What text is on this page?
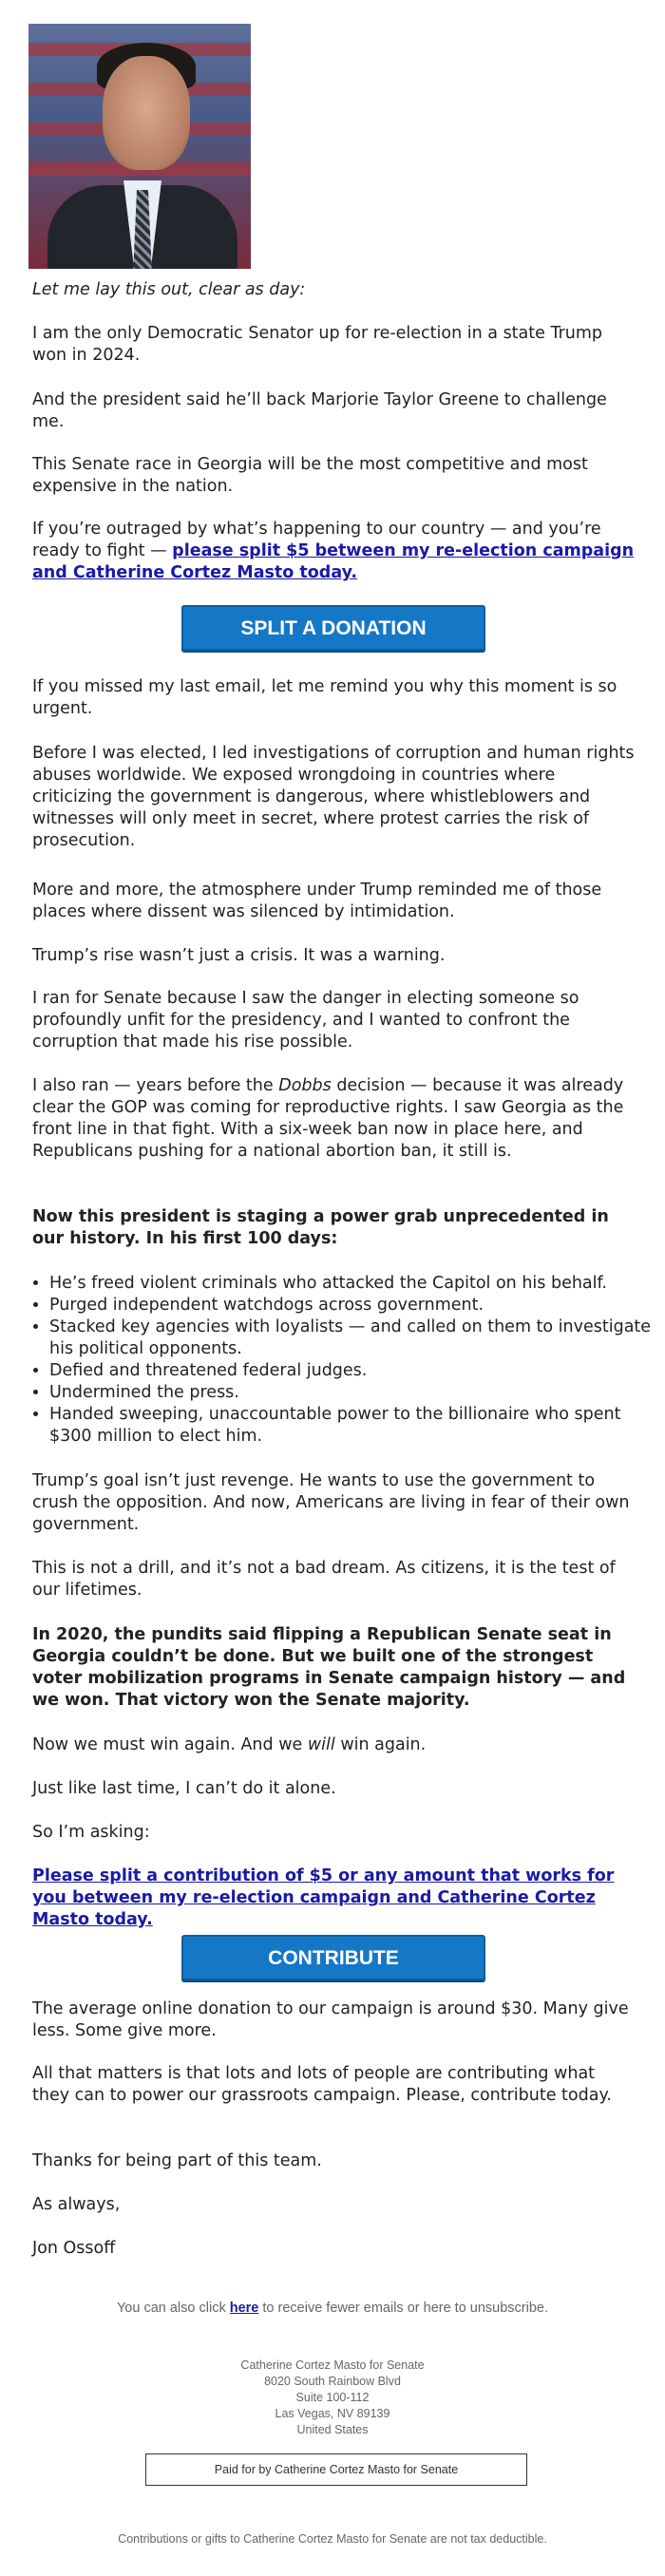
Let me lay this out, clear as day:

I am the only Democratic Senator up for re-election in a state Trump won in 2024.

And the president said he’ll back Marjorie Taylor Greene to challenge me.

This Senate race in Georgia will be the most competitive and most expensive in the nation.

If you’re outraged by what’s happening to our country — and you’re ready to fight — please split $5 between my re-election campaign and Catherine Cortez Masto today.

SPLIT A DONATION

If you missed my last email, let me remind you why this moment is so urgent.

Before I was elected, I led investigations of corruption and human rights abuses worldwide. We exposed wrongdoing in countries where criticizing the government is dangerous, where whistleblowers and witnesses will only meet in secret, where protest carries the risk of prosecution.

More and more, the atmosphere under Trump reminded me of those places where dissent was silenced by intimidation.

Trump’s rise wasn’t just a crisis. It was a warning.

I ran for Senate because I saw the danger in electing someone so profoundly unfit for the presidency, and I wanted to confront the corruption that made his rise possible.

I also ran — years before the Dobbs decision — because it was already clear the GOP was coming for reproductive rights. I saw Georgia as the front line in that fight. With a six-week ban now in place here, and Republicans pushing for a national abortion ban, it still is.

Now this president is staging a power grab unprecedented in our history. In his first 100 days:

• He’s freed violent criminals who attacked the Capitol on his behalf.
• Purged independent watchdogs across government.
• Stacked key agencies with loyalists — and called on them to investigate his political opponents.
• Defied and threatened federal judges.
• Undermined the press.
• Handed sweeping, unaccountable power to the billionaire who spent $300 million to elect him.

Trump’s goal isn’t just revenge. He wants to use the government to crush the opposition. And now, Americans are living in fear of their own government.

This is not a drill, and it’s not a bad dream. As citizens, it is the test of our lifetimes.

In 2020, the pundits said flipping a Republican Senate seat in Georgia couldn’t be done. But we built one of the strongest voter mobilization programs in Senate campaign history — and we won. That victory won the Senate majority.

Now we must win again. And we will win again.

Just like last time, I can’t do it alone.

So I’m asking:

Please split a contribution of $5 or any amount that works for you between my re-election campaign and Catherine Cortez Masto today.

CONTRIBUTE

The average online donation to our campaign is around $30. Many give less. Some give more.

All that matters is that lots and lots of people are contributing what they can to power our grassroots campaign. Please, contribute today.

Thanks for being part of this team.

As always,

Jon Ossoff

You can also click here to receive fewer emails or here to unsubscribe.
Catherine Cortez Masto for Senate
8020 South Rainbow Blvd
Suite 100-112
Las Vegas, NV 89139
United States
Paid for by Catherine Cortez Masto for Senate
Contributions or gifts to Catherine Cortez Masto for Senate are not tax deductible.
